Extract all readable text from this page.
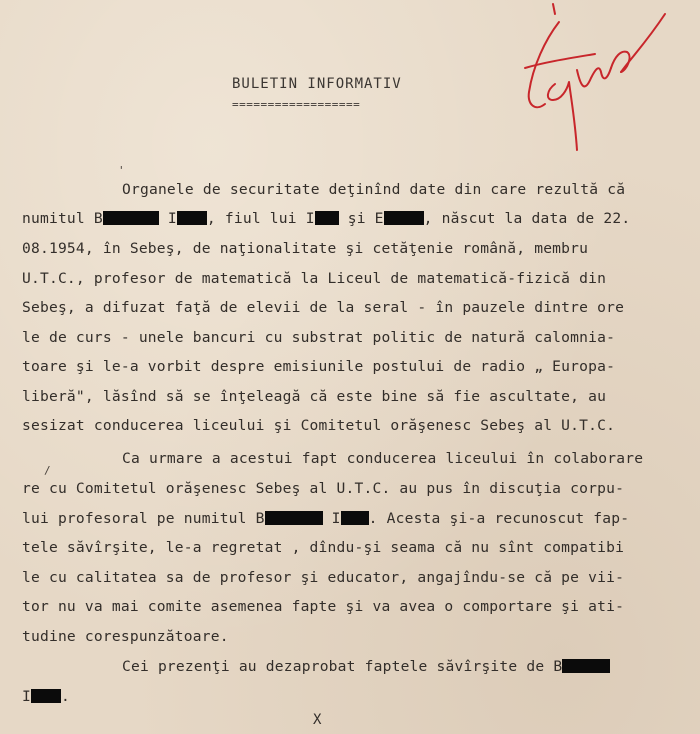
BULETIN INFORMATIV
==================
'
Organele de securitate deţinînd date din care rezultă că
numitul B	I , fiul lui I şi E	, născut la data de 22.
08.1954, în Sebeş, de naţionalitate şi cetăţenie română, membru
U.T.C., profesor de matematică la Liceul de matematică-fizică din
Sebeş, a difuzat faţă de elevii de la seral - în pauzele dintre ore
le de curs - unele bancuri cu substrat politic de natură calomnia-
toare şi le-a vorbit despre emisiunile postului de radio „ Europa-
liberă", lăsînd să se înţeleagă că este bine să fie ascultate, au
sesizat conducerea liceului şi Comitetul orăşenesc Sebeş al U.T.C.
/
Ca urmare a acestui fapt conducerea liceului în colaborare
re cu Comitetul orăşenesc Sebeş al U.T.C. au pus în discuţia corpu-
lui profesoral pe numitul B	I . Acesta şi-a recunoscut fap-
tele săvîrşite, le-a regretat , dîndu-şi seama că nu sînt compatibi
le cu calitatea sa de profesor şi educator, angajîndu-se că pe vii-
tor nu va mai comite asemenea fapte şi va avea o comportare şi ati-
tudine corespunzătoare.
Cei prezenţi au dezaprobat faptele săvîrşite de B
I .
X
